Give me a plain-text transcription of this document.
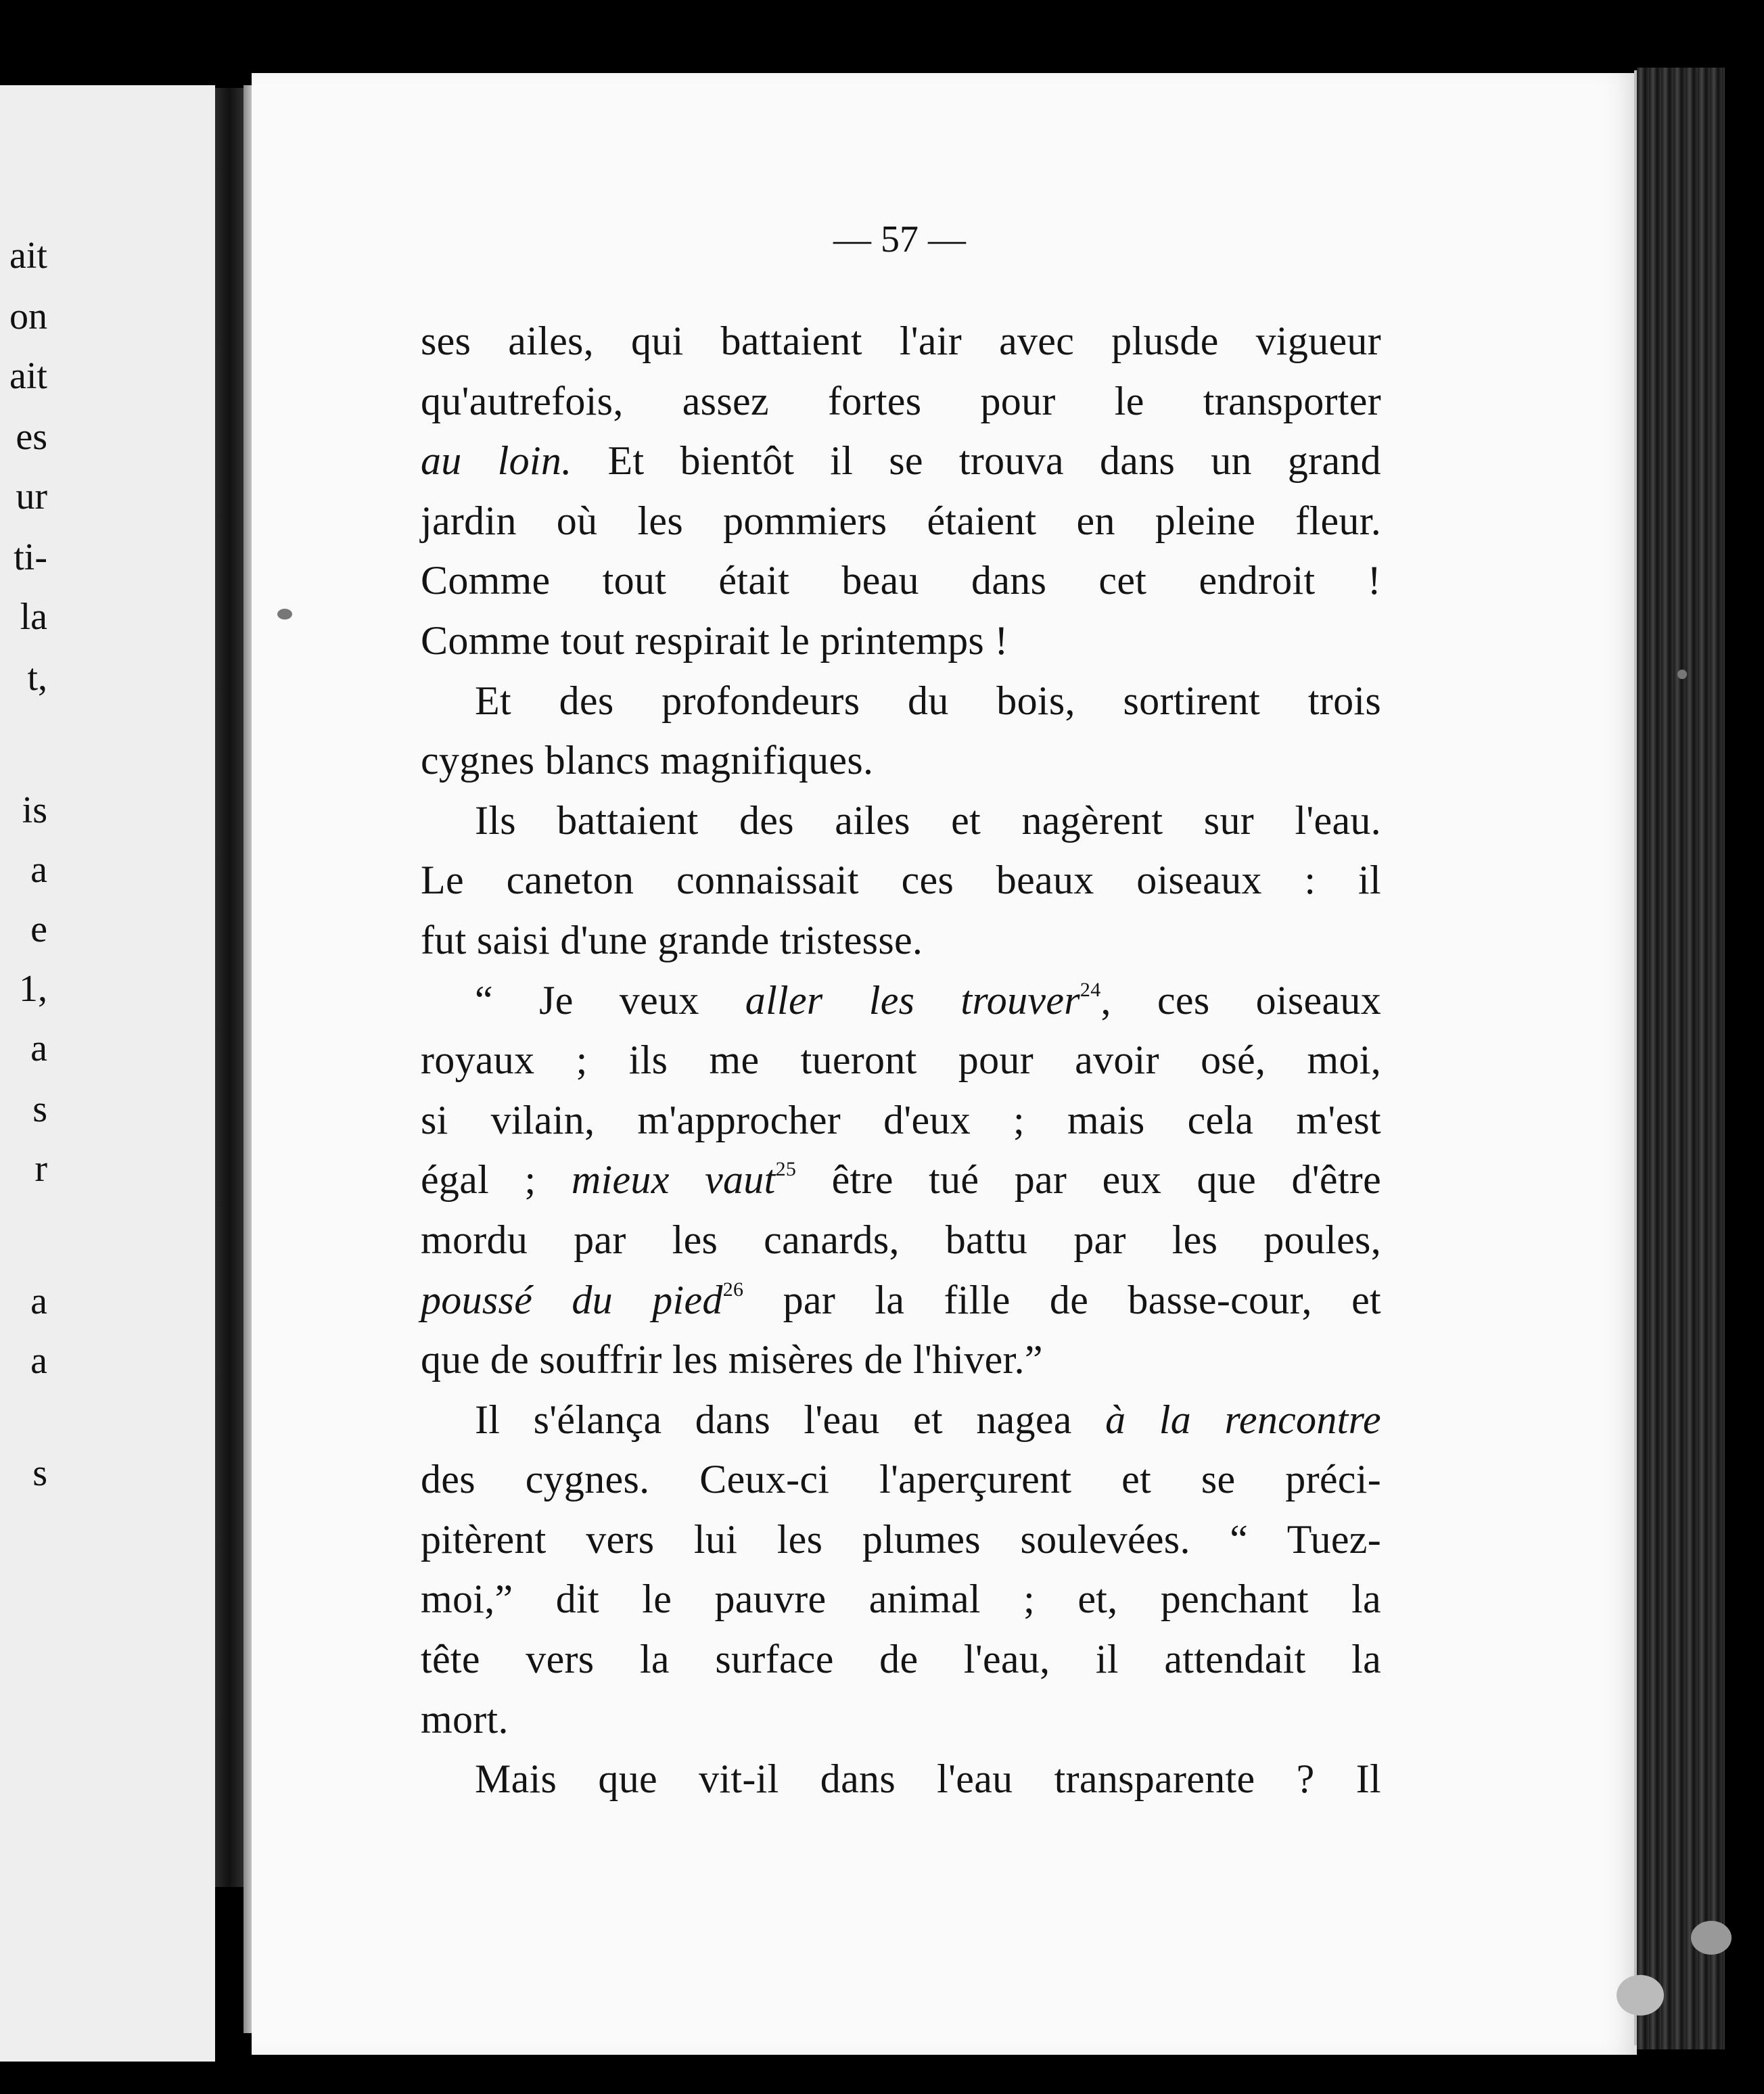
ait
on
ait
es
ur
ti-
la
t,
is
a
e
1,
a
s
r
a
a
s
— 57 —
ses ailes, qui battaient l'air avec plusde vigueur
qu'autrefois, assez fortes pour le transporter
au loin. Et bientôt il se trouva dans un grand
jardin où les pommiers étaient en pleine fleur.
Comme tout était beau dans cet endroit !
Comme tout respirait le printemps !
Et des profondeurs du bois, sortirent trois
cygnes blancs magnifiques.
Ils battaient des ailes et nagèrent sur l'eau.
Le caneton connaissait ces beaux oiseaux : il
fut saisi d'une grande tristesse.
“ Je veux aller les trouver$^{24}$, ces oiseaux
royaux ; ils me tueront pour avoir osé, moi,
si vilain, m'approcher d'eux ; mais cela m'est
égal ; mieux vaut$^{25}$ être tué par eux que d'être
mordu par les canards, battu par les poules,
poussé du pied$^{26}$ par la fille de basse-cour, et
que de souffrir les misères de l'hiver.”
Il s'élança dans l'eau et nagea à la rencontre
des cygnes. Ceux-ci l'aperçurent et se préci-
pitèrent vers lui les plumes soulevées. “ Tuez-
moi,” dit le pauvre animal ; et, penchant la
tête vers la surface de l'eau, il attendait la
mort.
Mais que vit-il dans l'eau transparente ? Il
